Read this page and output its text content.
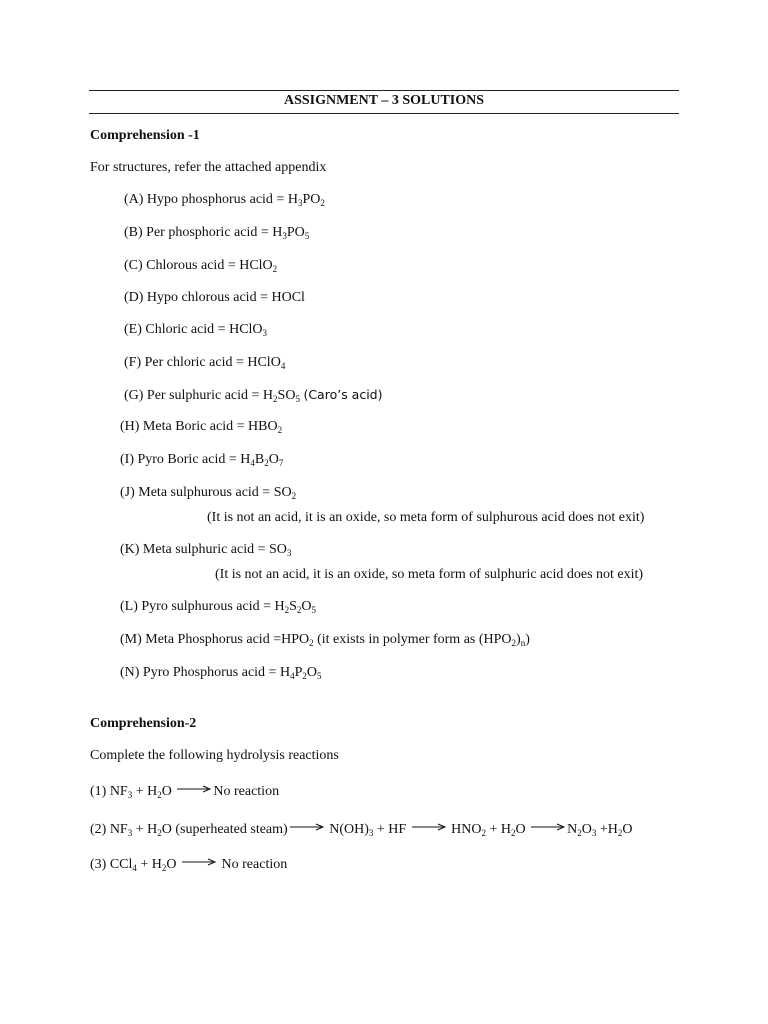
ASSIGNMENT – 3 SOLUTIONS
Comprehension -1
For structures, refer the attached appendix
(A) Hypo phosphorus acid = $H_3PO_2$
(B) Per phosphoric acid = $H_3PO_5$
(C) Chlorous acid = HClO$_2$
(D) Hypo chlorous acid = HOCl
(E) Chloric acid = HClO$_3$
(F) Per chloric acid = HClO$_4$
(G) Per sulphuric acid = $H_2SO_5$ (Caro’s acid)
(H) Meta Boric acid = $HBO_2$
(I) Pyro Boric acid = $H_4B_2O_7$
(J) Meta sulphurous acid = $SO_2$
(It is not an acid, it is an oxide, so meta form of sulphurous acid does not exit)
(K) Meta sulphuric acid = $SO_3$
(It is not an acid, it is an oxide, so meta form of sulphuric acid does not exit)
(L) Pyro sulphurous acid = $H_2S_2O_5$
(M) Meta Phosphorus acid $=HPO_2$ (it exists in polymer form as $(HPO_2)_n$)
(N) Pyro Phosphorus acid = $H_4P_2O_5$
Comprehension-2
Complete the following hydrolysis reactions
(1) $NF_3 + H_2O \to No$ reaction
(2) $NF_3 + H_2O$ (superheated steam) → $N(OH)_3$ + HF → $HNO_2 + H_2O \to N_2O_3 +H_2O$
(3) $CCl_4 + H_2O \to No$ reaction
